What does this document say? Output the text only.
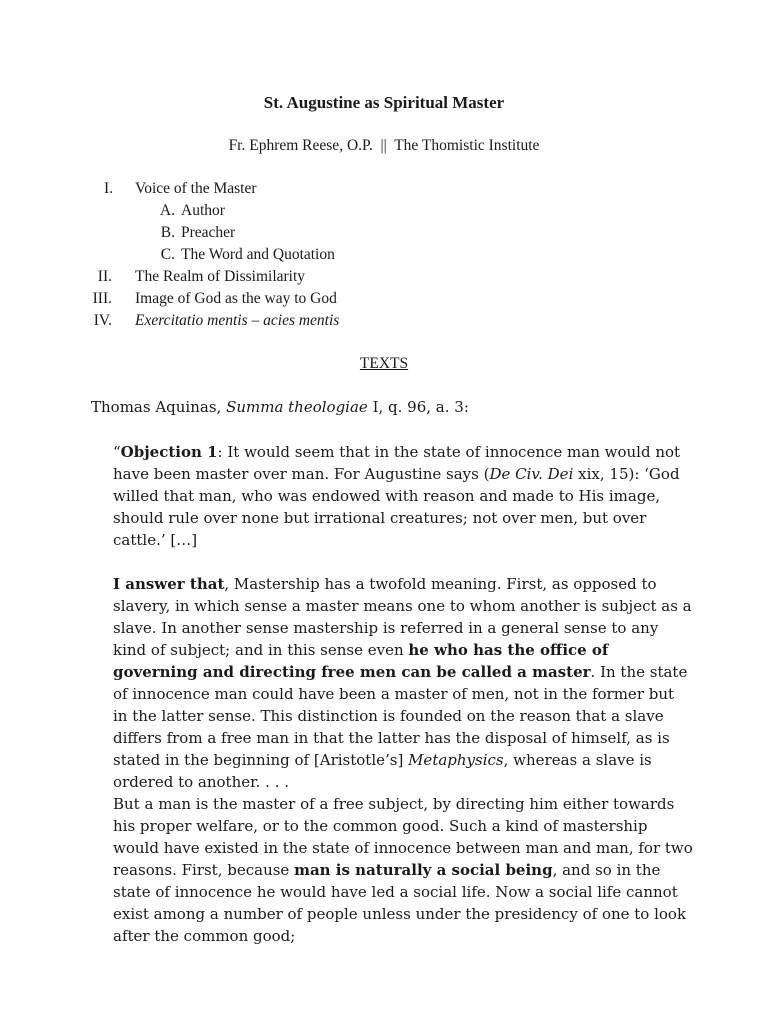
St. Augustine as Spiritual Master
Fr. Ephrem Reese, O.P.  ||  The Thomistic Institute
I. Voice of the Master
A. Author
B. Preacher
C. The Word and Quotation
II. The Realm of Dissimilarity
III. Image of God as the way to God
IV. Exercitatio mentis – acies mentis
TEXTS
Thomas Aquinas, Summa theologiae I, q. 96, a. 3:

“Objection 1: It would seem that in the state of innocence man would not have been master over man. For Augustine says (De Civ. Dei xix, 15): ‘God willed that man, who was endowed with reason and made to His image, should rule over none but irrational creatures; not over men, but over cattle.’ […]

I answer that, Mastership has a twofold meaning. First, as opposed to slavery, in which sense a master means one to whom another is subject as a slave. In another sense mastership is referred in a general sense to any kind of subject; and in this sense even he who has the office of governing and directing free men can be called a master. In the state of innocence man could have been a master of men, not in the former but in the latter sense. This distinction is founded on the reason that a slave differs from a free man in that the latter has the disposal of himself, as is stated in the beginning of [Aristotle’s] Metaphysics, whereas a slave is ordered to another. . . .

But a man is the master of a free subject, by directing him either towards his proper welfare, or to the common good. Such a kind of mastership would have existed in the state of innocence between man and man, for two reasons. First, because man is naturally a social being, and so in the state of innocence he would have led a social life. Now a social life cannot exist among a number of people unless under the presidency of one to look after the common good;
